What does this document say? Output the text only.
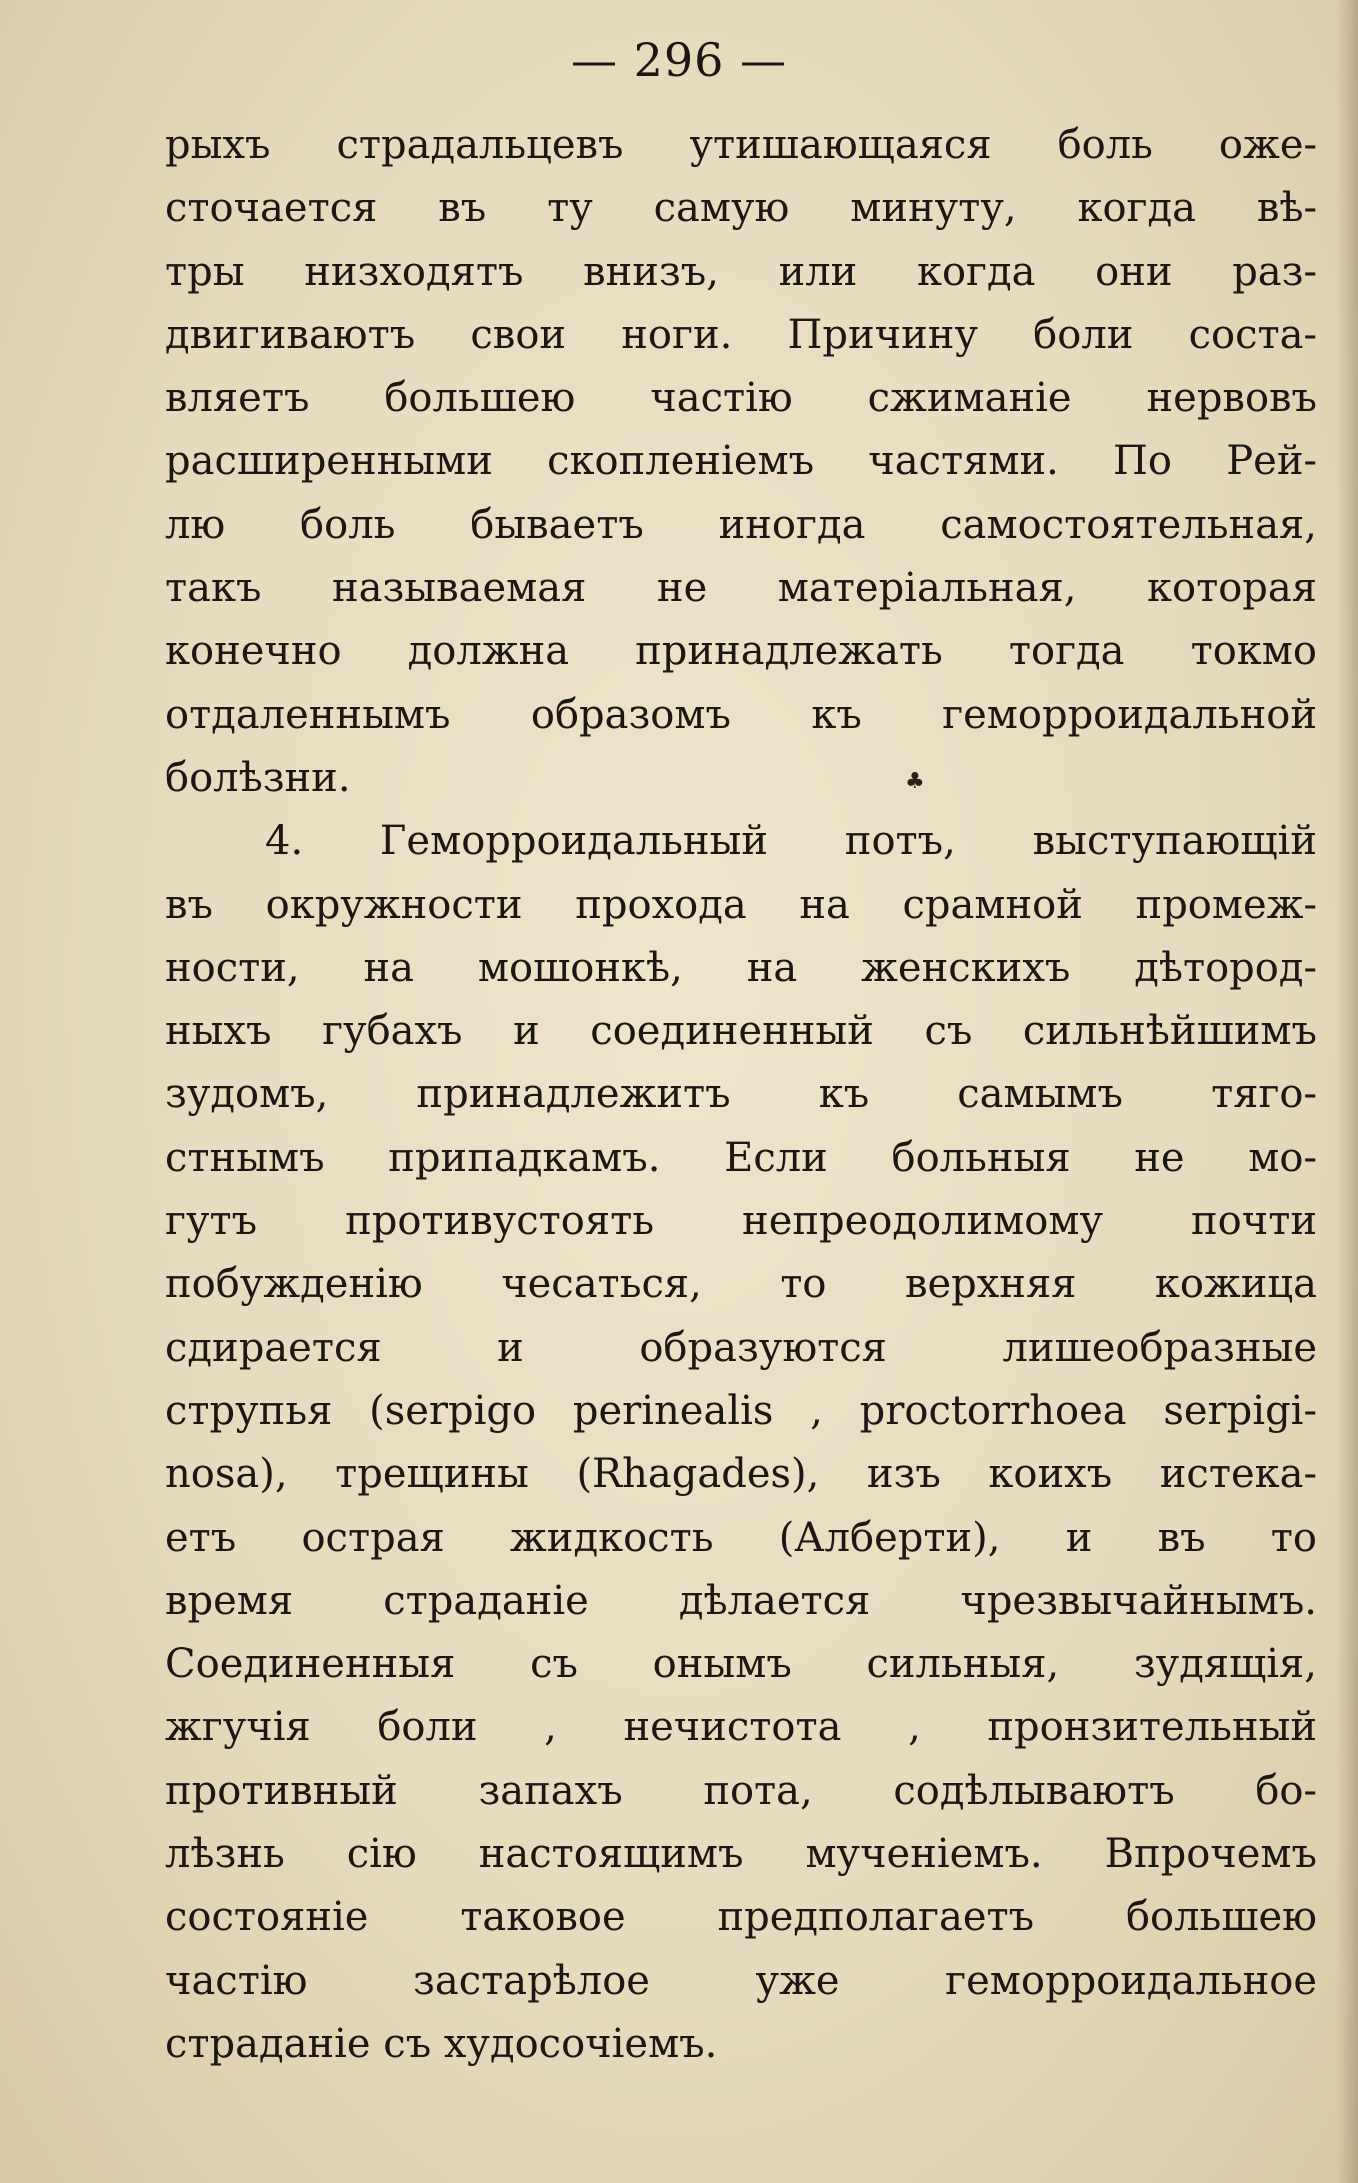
— 296 —
рыхъ страдальцевъ утишающаяся боль оже-
сточается въ ту самую минуту, когда вѣ-
тры низходятъ внизъ, или когда они раз-
двигиваютъ свои ноги. Причину боли соста-
вляетъ большею частію сжиманіе нервовъ
расширенными скопленіемъ частями. По Рей-
лю боль бываетъ иногда самостоятельная,
такъ называемая не матеріальная, которая
конечно должна принадлежать тогда токмо
отдаленнымъ образомъ къ геморроидальной
болѣзни.
4. Геморроидальный потъ, выступающій
въ окружности прохода на срамной промеж-
ности, на мошонкѣ, на женскихъ дѣтород-
ныхъ губахъ и соединенный съ сильнѣйшимъ
зудомъ, принадлежитъ къ самымъ тяго-
стнымъ припадкамъ. Если больныя не мо-
гутъ противустоять непреодолимому почти
побужденію чесаться, то верхняя кожица
сдирается и образуются лишеобразные
струпья (serpigo perinealis , proctorrhoea serpigi-
nosa), трещины (Rhagades), изъ коихъ истека-
етъ острая жидкость (Алберти), и въ то
время страданіе дѣлается чрезвычайнымъ.
Соединенныя съ онымъ сильныя, зудящія,
жгучія боли , нечистота , пронзительный
противный запахъ пота, содѣлываютъ бо-
лѣзнь сію настоящимъ мученіемъ. Впрочемъ
состояніе таковое предполагаетъ большею
частію застарѣлое уже геморроидальное
страданіе съ худосочіемъ.
♣
